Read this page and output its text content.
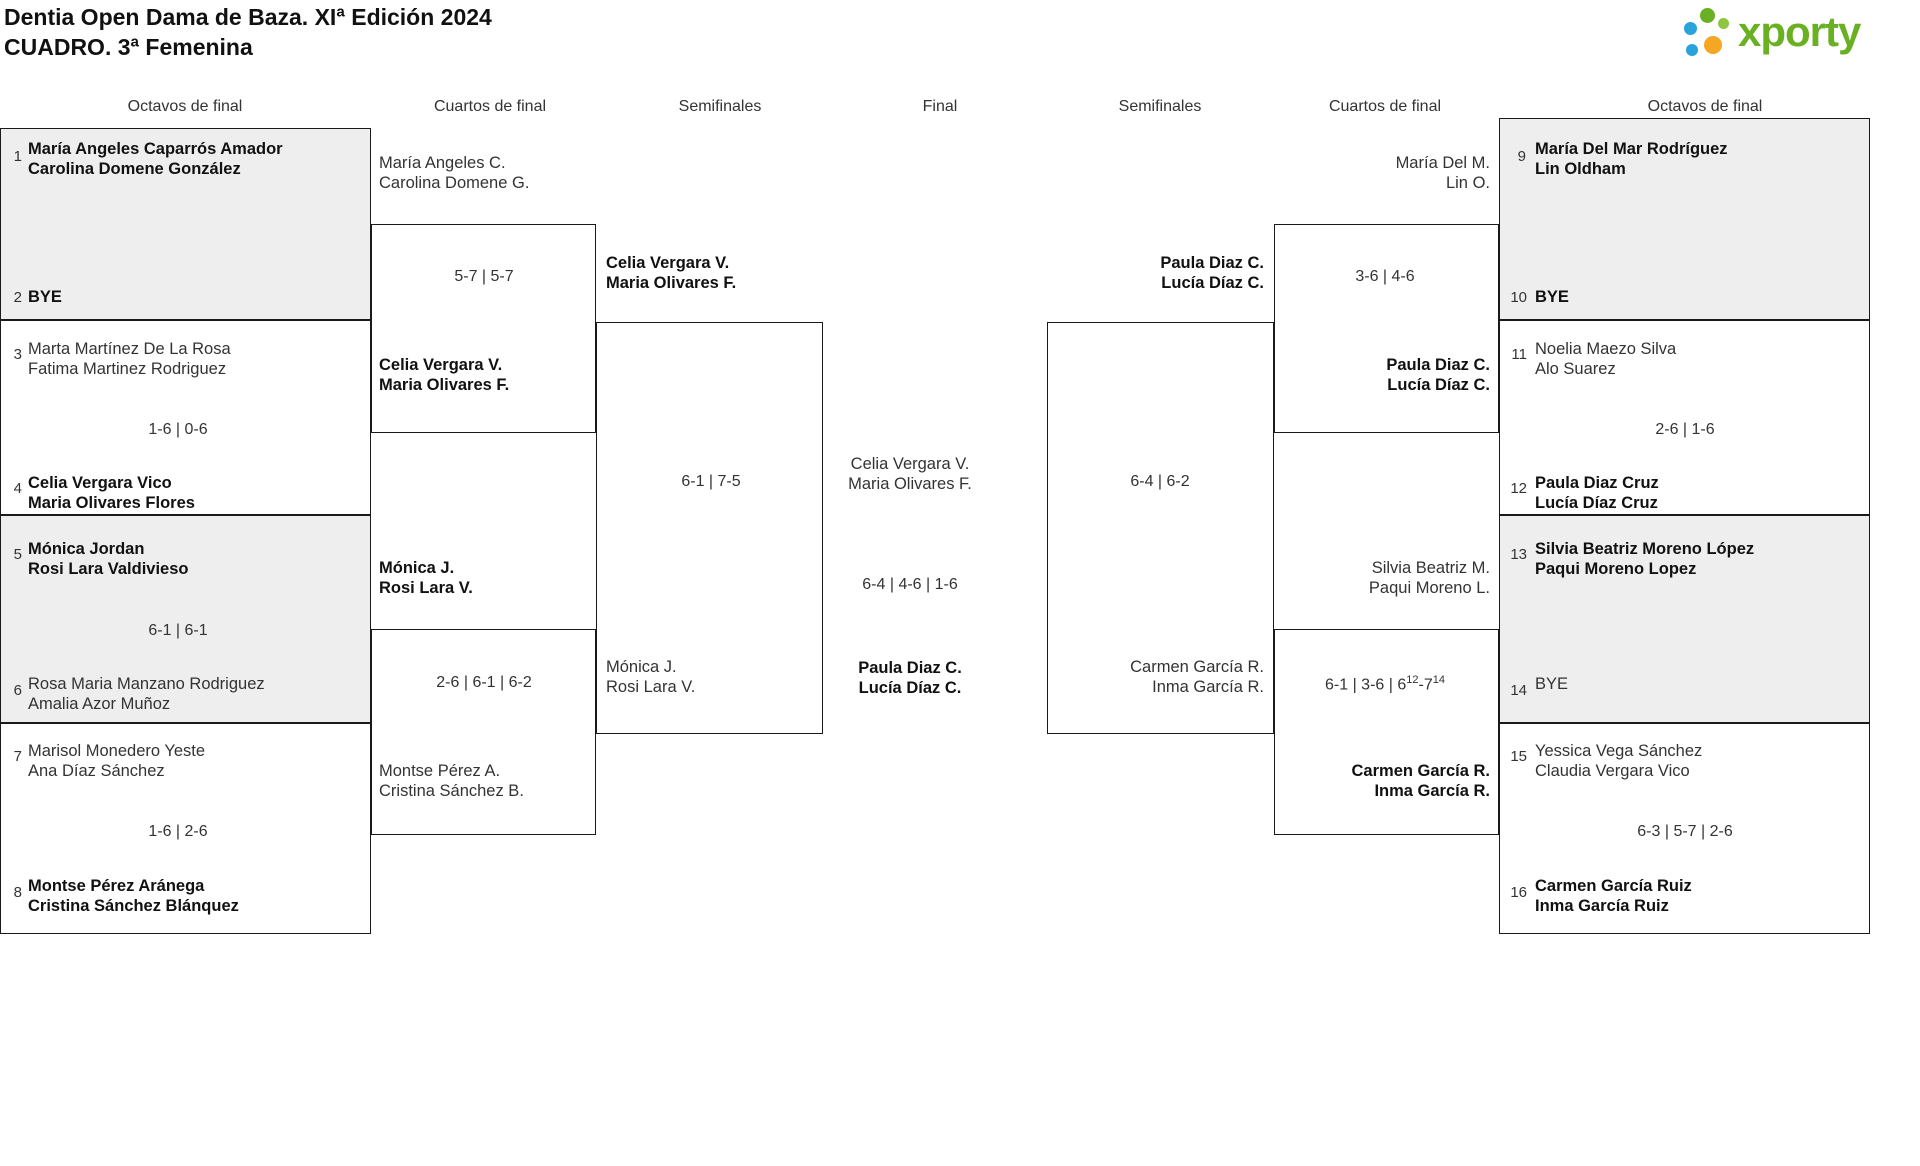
Dentia Open Dama de Baza. XIª Edición 2024
CUADRO. 3ª Femenina	xporty
Octavos de final	Cuartos de final	Semifinales	Final	Semifinales	Cuartos de final	Octavos de final
1 María Angeles Caparrós Amador
Carolina Domene González
2 BYE
3 Marta Martínez De La Rosa
Fatima Martinez Rodriguez
1-6 | 0-6
4 Celia Vergara Vico
Maria Olivares Flores
5 Mónica Jordan
Rosi Lara Valdivieso
6-1 | 6-1
6 Rosa Maria Manzano Rodriguez
Amalia Azor Muñoz
7 Marisol Monedero Yeste
Ana Díaz Sánchez
1-6 | 2-6
8 Montse Pérez Aránega
Cristina Sánchez Blánquez
María Angeles C.
Carolina Domene G.
5-7 | 5-7
Celia Vergara V.
Maria Olivares F.
Mónica J.
Rosi Lara V.
2-6 | 6-1 | 6-2
Montse Pérez A.
Cristina Sánchez B.
Celia Vergara V.
Maria Olivares F.
6-1 | 7-5
Mónica J.
Rosi Lara V.
Celia Vergara V.
Maria Olivares F.
6-4 | 4-6 | 1-6
Paula Diaz C.
Lucía Díaz C.
Paula Diaz C.
Lucía Díaz C.
6-4 | 6-2
Carmen García R.
Inma García R.
María Del M.
Lin O.
3-6 | 4-6
Paula Diaz C.
Lucía Díaz C.
Silvia Beatriz M.
Paqui Moreno L.
6-1 | 3-6 | $6^{12}-7^{14}$
Carmen García R.
Inma García R.
9 María Del Mar Rodríguez
Lin Oldham
10 BYE
11 Noelia Maezo Silva
Alo Suarez
2-6 | 1-6
12 Paula Diaz Cruz
Lucía Díaz Cruz
13 Silvia Beatriz Moreno López
Paqui Moreno Lopez
14 BYE
15 Yessica Vega Sánchez
Claudia Vergara Vico
6-3 | 5-7 | 2-6
16 Carmen García Ruiz
Inma García Ruiz
